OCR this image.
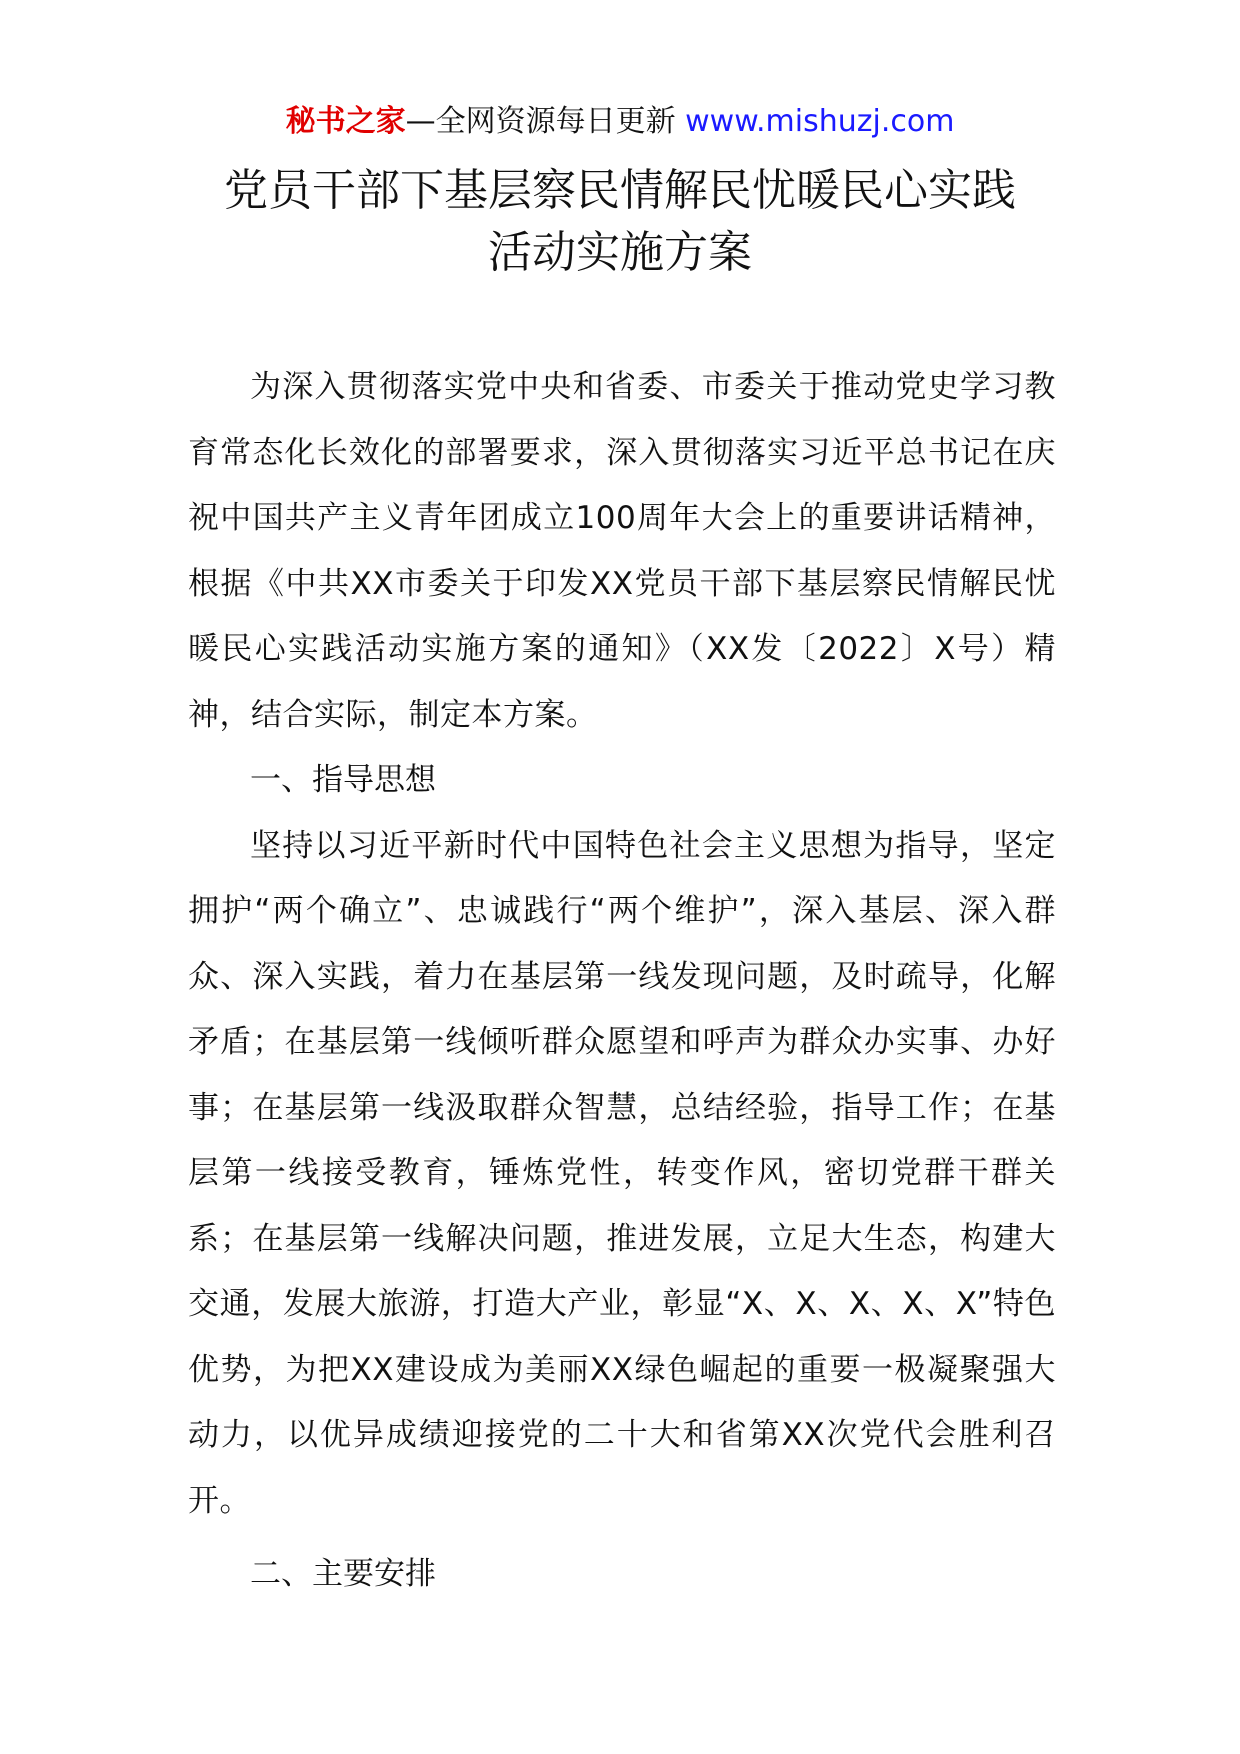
秘书之家—全网资源每日更新 www.mishuzj.com
党员干部下基层察民情解民忧暖民心实践
活动实施方案

为深入贯彻落实党中央和省委、市委关于推动党史学习教育常态化长效化的部署要求，深入贯彻落实习近平总书记在庆祝中国共产主义青年团成立100周年大会上的重要讲话精神，根据《中共XX市委关于印发XX党员干部下基层察民情解民忧暖民心实践活动实施方案的通知》（XX发〔2022〕X号）精神，结合实际，制定本方案。

一、指导思想

坚持以习近平新时代中国特色社会主义思想为指导，坚定拥护“两个确立”、忠诚践行“两个维护”，深入基层、深入群众、深入实践，着力在基层第一线发现问题，及时疏导，化解矛盾；在基层第一线倾听群众愿望和呼声为群众办实事、办好事；在基层第一线汲取群众智慧，总结经验，指导工作；在基层第一线接受教育，锤炼党性，转变作风，密切党群干群关系；在基层第一线解决问题，推进发展，立足大生态，构建大交通，发展大旅游，打造大产业，彰显“X、X、X、X、X”特色优势，为把XX建设成为美丽XX绿色崛起的重要一极凝聚强大动力，以优异成绩迎接党的二十大和省第XX次党代会胜利召开。

二、主要安排
